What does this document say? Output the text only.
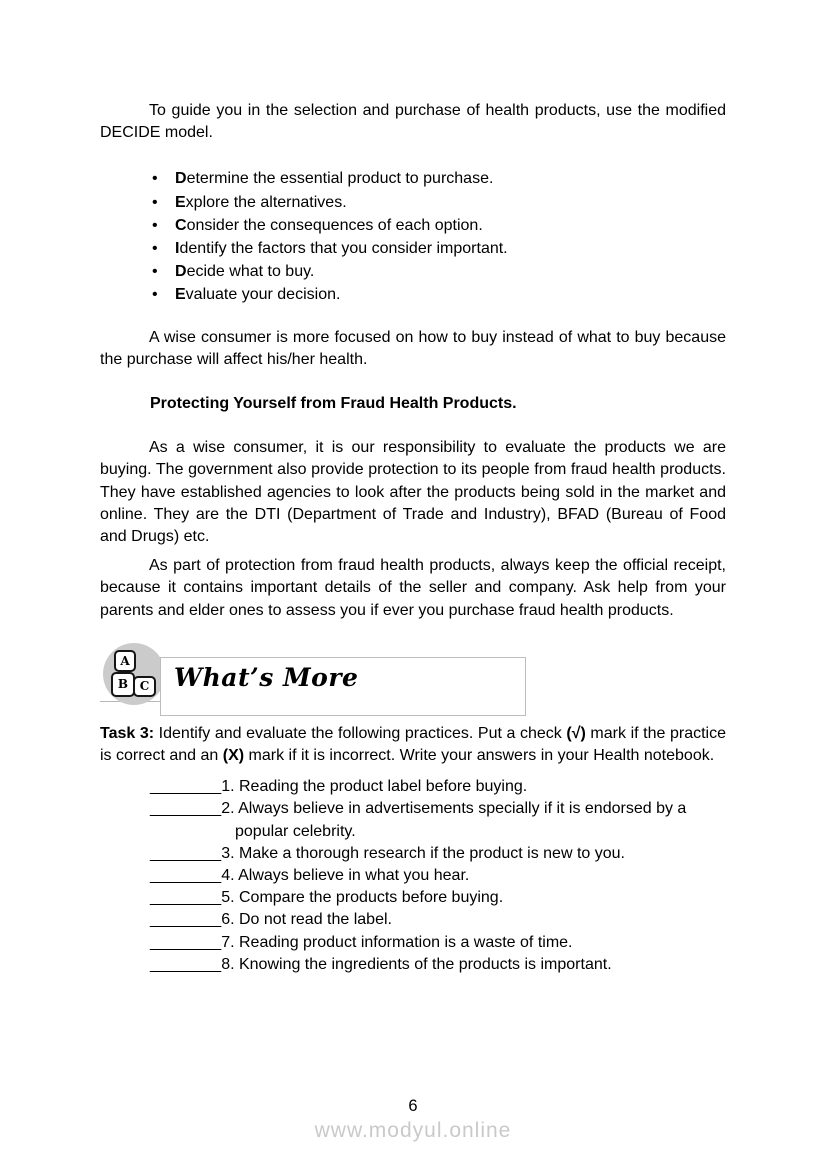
To guide you in the selection and purchase of health products, use the modified DECIDE model.

•	Determine the essential product to purchase.
•	Explore the alternatives.
•	Consider the consequences of each option.
•	Identify the factors that you consider important.
•	Decide what to buy.
•	Evaluate your decision.

A wise consumer is more focused on how to buy instead of what to buy because the purchase will affect his/her health.

Protecting Yourself from Fraud Health Products.

As a wise consumer, it is our responsibility to evaluate the products we are buying. The government also provide protection to its people from fraud health products. They have established agencies to look after the products being sold in the market and online. They are the DTI (Department of Trade and Industry), BFAD (Bureau of Food and Drugs) etc.

As part of protection from fraud health products, always keep the official receipt, because it contains important details of the seller and company. Ask help from your parents and elder ones to assess you if ever you purchase fraud health products.

A
B C What’s More

Task 3: Identify and evaluate the following practices. Put a check (√) mark if the practice is correct and an (X) mark if it is incorrect. Write your answers in your Health notebook.

________1. Reading the product label before buying.
________2. Always believe in advertisements specially if it is endorsed by a popular celebrity.
________3. Make a thorough research if the product is new to you.
________4. Always believe in what you hear.
________5. Compare the products before buying.
________6. Do not read the label.
________7. Reading product information is a waste of time.
________8. Knowing the ingredients of the products is important.
6
www.modyul.online
